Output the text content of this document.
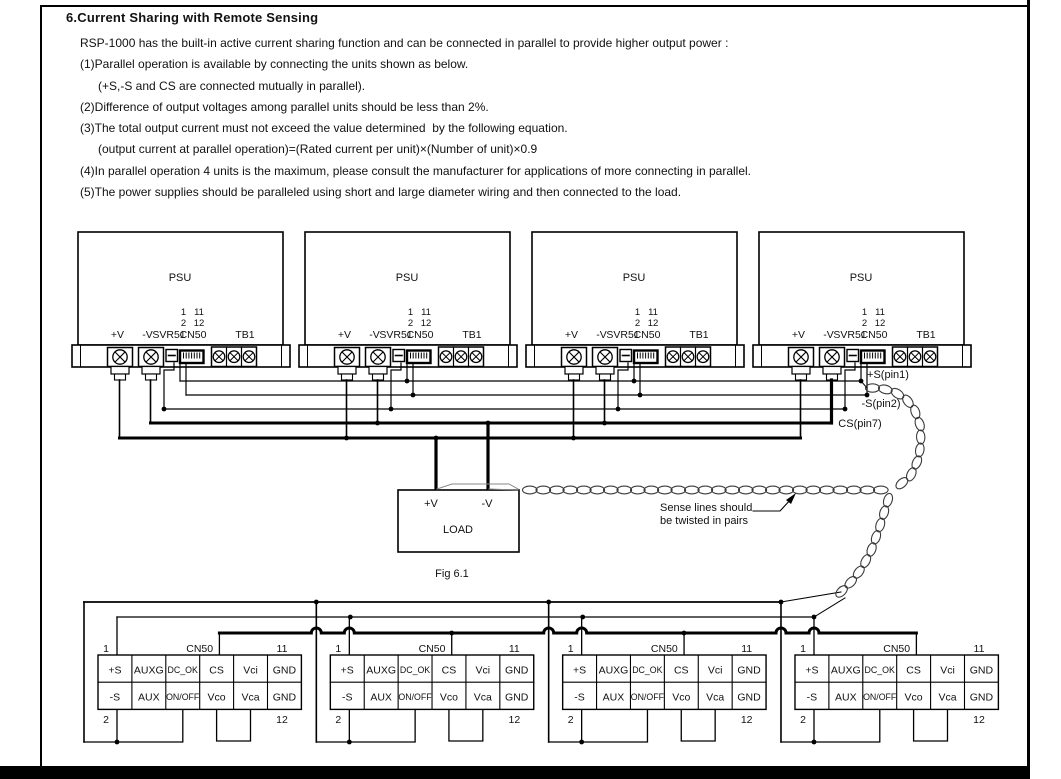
6.Current Sharing with Remote Sensing
RSP-1000 has the built-in active current sharing function and can be connected in parallel to provide higher output power :
(1)Parallel operation is available by connecting the units shown as below.
(+S,-S and CS are connected mutually in parallel).
(2)Difference of output voltages among parallel units should be less than 2%.
(3)The total output current must not exceed the value determined  by the following equation.
(output current at parallel operation)=(Rated current per unit)×(Number of unit)×0.9
(4)In parallel operation 4 units is the maximum, please consult the manufacturer for applications of more connecting in parallel.
(5)The power supplies should be paralleled using short and large diameter wiring and then connected to the load.
+V	-V
LOAD
Fig 6.1
+S(pin1)
-S(pin2)
CS(pin7)
Sense lines should
be twisted in pairs
PSU
1 11
2 12
+V -V SVR51
CN50	TB1
PSU
1 11
2 12
+V -V SVR51
CN50	TB1
PSU
1 11
2 12
+V -V SVR51
CN50	TB1
PSU
1 11
2 12
+V -V SVR51
CN50	TB1
CN50
1	11
2	12
+S AUXG DC_OK CS Vci GND
-S AUX ON/OFF Vco Vca GND
CN50
1	11
2	12
+S AUXG DC_OK CS Vci GND
-S AUX ON/OFF Vco Vca GND
CN50
1	11
2	12
+S AUXG DC_OK CS Vci GND
-S AUX ON/OFF Vco Vca GND
CN50
1	11
2	12
+S AUXG DC_OK CS Vci GND
-S AUX ON/OFF Vco Vca GND
